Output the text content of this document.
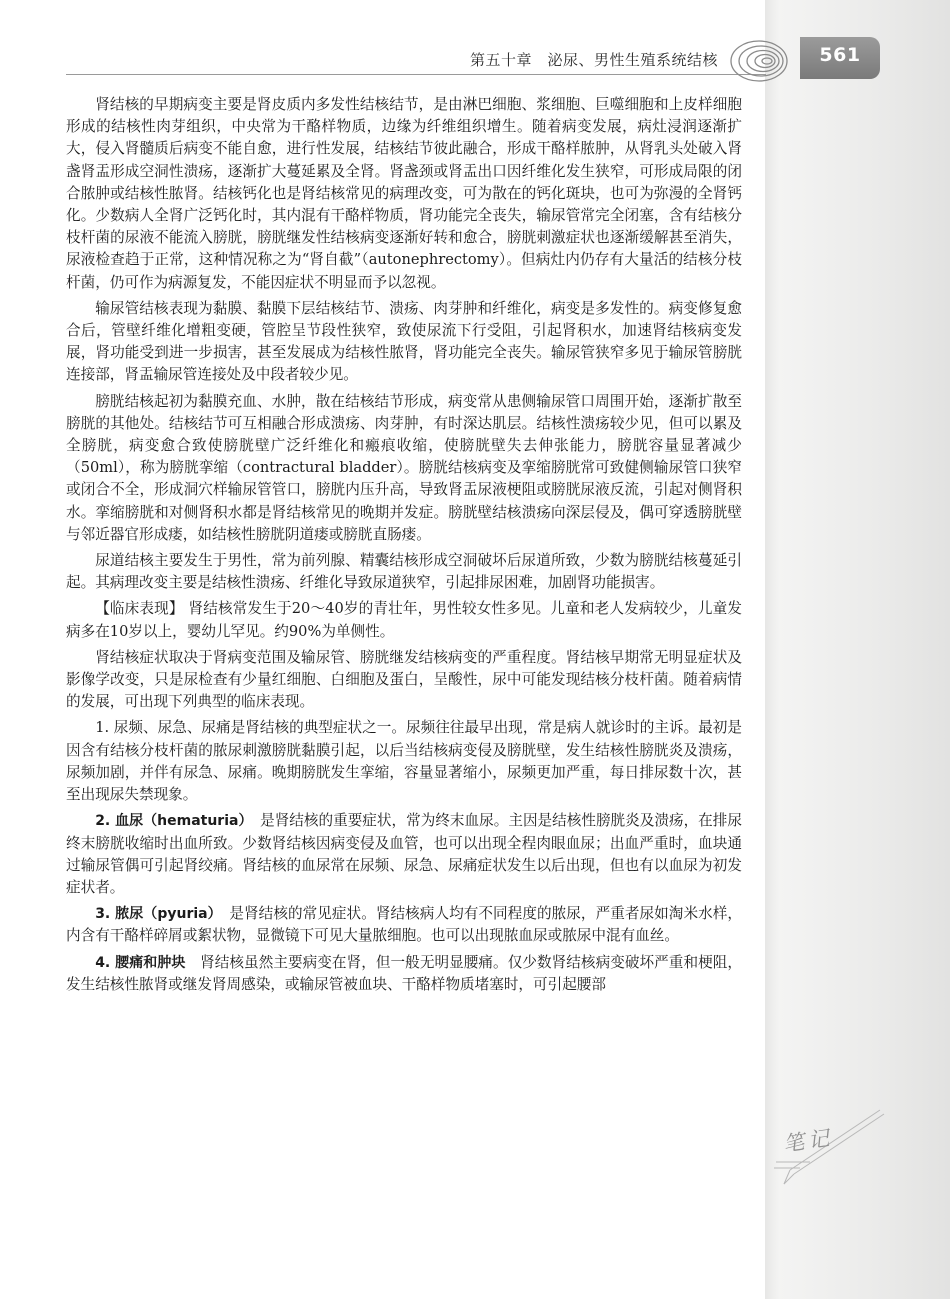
第五十章　泌尿、男性生殖系统结核	561

肾结核的早期病变主要是肾皮质内多发性结核结节，是由淋巴细胞、浆细胞、巨噬细胞和上皮样细胞形成的结核性肉芽组织，中央常为干酪样物质，边缘为纤维组织增生。随着病变发展，病灶浸润逐渐扩大，侵入肾髓质后病变不能自愈，进行性发展，结核结节彼此融合，形成干酪样脓肿，从肾乳头处破入肾盏肾盂形成空洞性溃疡，逐渐扩大蔓延累及全肾。肾盏颈或肾盂出口因纤维化发生狭窄，可形成局限的闭合脓肿或结核性脓肾。结核钙化也是肾结核常见的病理改变，可为散在的钙化斑块，也可为弥漫的全肾钙化。少数病人全肾广泛钙化时，其内混有干酪样物质，肾功能完全丧失，输尿管常完全闭塞，含有结核分枝杆菌的尿液不能流入膀胱，膀胱继发性结核病变逐渐好转和愈合，膀胱刺激症状也逐渐缓解甚至消失，尿液检查趋于正常，这种情况称之为“肾自截”（autonephrectomy）。但病灶内仍存有大量活的结核分枝杆菌，仍可作为病源复发，不能因症状不明显而予以忽视。

输尿管结核表现为黏膜、黏膜下层结核结节、溃疡、肉芽肿和纤维化，病变是多发性的。病变修复愈合后，管壁纤维化增粗变硬，管腔呈节段性狭窄，致使尿流下行受阻，引起肾积水，加速肾结核病变发展，肾功能受到进一步损害，甚至发展成为结核性脓肾，肾功能完全丧失。输尿管狭窄多见于输尿管膀胱连接部，肾盂输尿管连接处及中段者较少见。

膀胱结核起初为黏膜充血、水肿，散在结核结节形成，病变常从患侧输尿管口周围开始，逐渐扩散至膀胱的其他处。结核结节可互相融合形成溃疡、肉芽肿，有时深达肌层。结核性溃疡较少见，但可以累及全膀胱，病变愈合致使膀胱壁广泛纤维化和瘢痕收缩，使膀胱壁失去伸张能力，膀胱容量显著减少（50ml），称为膀胱挛缩（contractural bladder）。膀胱结核病变及挛缩膀胱常可致健侧输尿管口狭窄或闭合不全，形成洞穴样输尿管管口，膀胱内压升高，导致肾盂尿液梗阻或膀胱尿液反流，引起对侧肾积水。挛缩膀胱和对侧肾积水都是肾结核常见的晚期并发症。膀胱壁结核溃疡向深层侵及，偶可穿透膀胱壁与邻近器官形成瘘，如结核性膀胱阴道瘘或膀胱直肠瘘。

尿道结核主要发生于男性，常为前列腺、精囊结核形成空洞破坏后尿道所致，少数为膀胱结核蔓延引起。其病理改变主要是结核性溃疡、纤维化导致尿道狭窄，引起排尿困难，加剧肾功能损害。

【临床表现】 肾结核常发生于20～40岁的青壮年，男性较女性多见。儿童和老人发病较少，儿童发病多在10岁以上，婴幼儿罕见。约90%为单侧性。

肾结核症状取决于肾病变范围及输尿管、膀胱继发结核病变的严重程度。肾结核早期常无明显症状及影像学改变，只是尿检查有少量红细胞、白细胞及蛋白，呈酸性，尿中可能发现结核分枝杆菌。随着病情的发展，可出现下列典型的临床表现。

1. 尿频、尿急、尿痛是肾结核的典型症状之一。尿频往往最早出现，常是病人就诊时的主诉。最初是因含有结核分枝杆菌的脓尿刺激膀胱黏膜引起，以后当结核病变侵及膀胱壁，发生结核性膀胱炎及溃疡，尿频加剧，并伴有尿急、尿痛。晚期膀胱发生挛缩，容量显著缩小，尿频更加严重，每日排尿数十次，甚至出现尿失禁现象。

2. 血尿（hematuria）　 是肾结核的重要症状，常为终末血尿。主因是结核性膀胱炎及溃疡，在排尿终末膀胱收缩时出血所致。少数肾结核因病变侵及血管，也可以出现全程肉眼血尿；出血严重时，血块通过输尿管偶可引起肾绞痛。肾结核的血尿常在尿频、尿急、尿痛症状发生以后出现，但也有以血尿为初发症状者。

3. 脓尿（pyuria）　 是肾结核的常见症状。肾结核病人均有不同程度的脓尿，严重者尿如淘米水样，内含有干酪样碎屑或絮状物，显微镜下可见大量脓细胞。也可以出现脓血尿或脓尿中混有血丝。

4. 腰痛和肿块　 肾结核虽然主要病变在肾，但一般无明显腰痛。仅少数肾结核病变破坏严重和梗阻，发生结核性脓肾或继发肾周感染，或输尿管被血块、干酪样物质堵塞时，可引起腰部

笔记
